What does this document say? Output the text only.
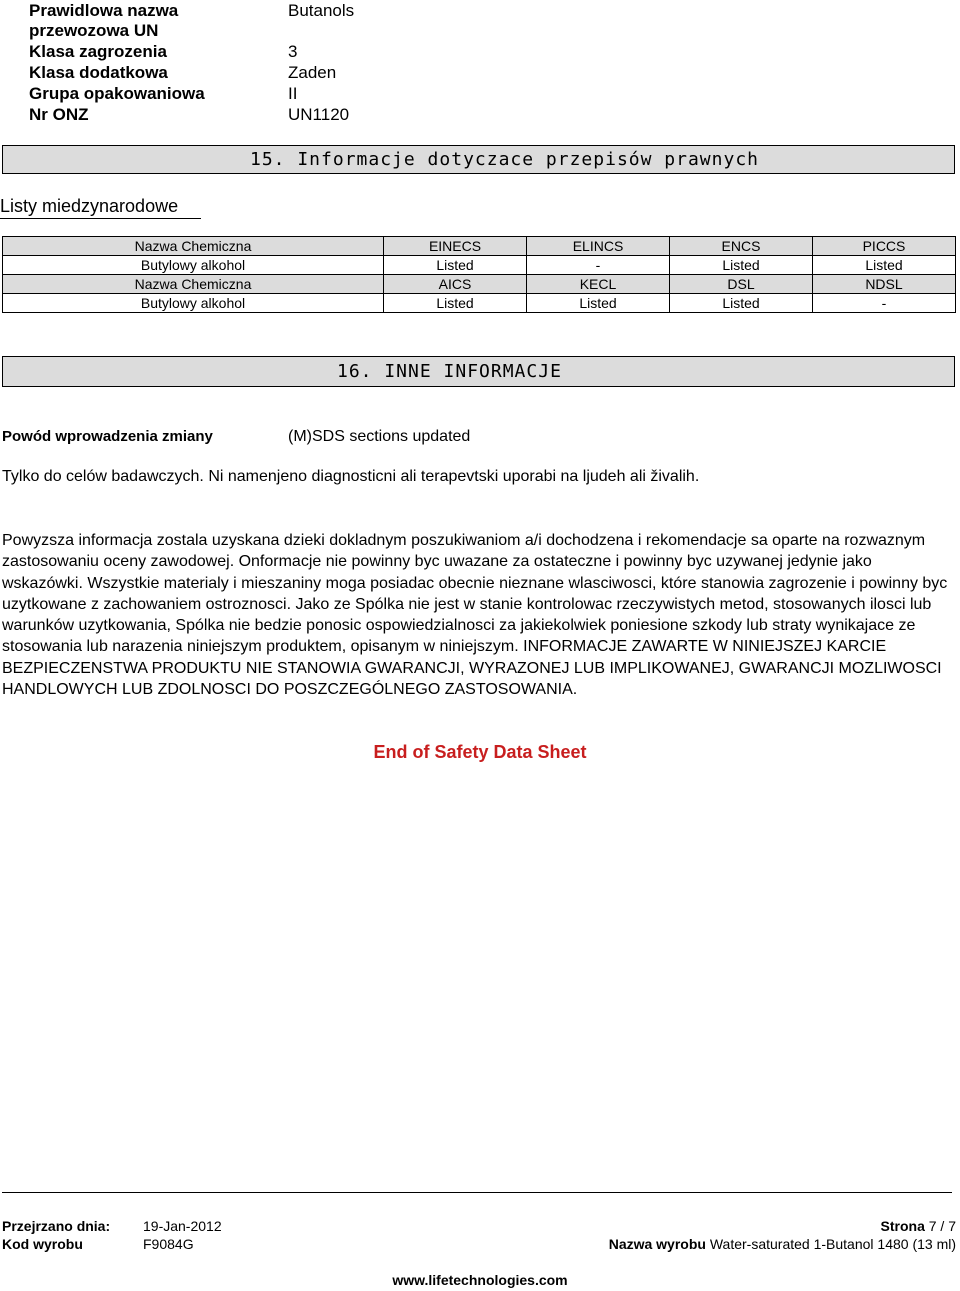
Prawidlowa nazwa	Butanols
przewozowa UN
Klasa zagrozenia	3
Klasa dodatkowa	Zaden
Grupa opakowaniowa	II
Nr ONZ	UN1120
15. Informacje dotyczace przepisów prawnych
Listy miedzynarodowe
Nazwa Chemiczna	EINECS	ELINCS	ENCS	PICCS
Butylowy alkohol	Listed	-	Listed	Listed
Nazwa Chemiczna	AICS	KECL	DSL	NDSL
Butylowy alkohol	Listed	Listed	Listed	-
16. INNE INFORMACJE
Powód wprowadzenia zmiany	(M)SDS sections updated
Tylko do celów badawczych. Ni namenjeno diagnosticni ali terapevtski uporabi na ljudeh ali živalih.

Powyzsza informacja zostala uzyskana dzieki dokladnym poszukiwaniom a/i dochodzena i rekomendacje sa oparte na rozwaznym zastosowaniu oceny zawodowej. Onformacje nie powinny byc uwazane za ostateczne i powinny byc uzywanej jedynie jako wskazówki. Wszystkie materialy i mieszaniny moga posiadac obecnie nieznane wlasciwosci, które stanowia zagrozenie i powinny byc uzytkowane z zachowaniem ostroznosci. Jako ze Spólka nie jest w stanie kontrolowac rzeczywistych metod, stosowanych ilosci lub warunków uzytkowania, Spólka nie bedzie ponosic ospowiedzialnosci za jakiekolwiek poniesione szkody lub straty wynikajace ze stosowania lub narazenia niniejszym produktem, opisanym w niniejszym. INFORMACJE ZAWARTE W NINIEJSZEJ KARCIE BEZPIECZENSTWA PRODUKTU NIE STANOWIA GWARANCJI, WYRAZONEJ LUB IMPLIKOWANEJ, GWARANCJI MOZLIWOSCI HANDLOWYCH LUB ZDOLNOSCI DO POSZCZEGÓLNEGO ZASTOSOWANIA.

End of Safety Data Sheet
Przejrzano dnia: 19-Jan-2012
Kod wyrobu	F9084G
Strona 7 / 7
Nazwa wyrobu Water-saturated 1-Butanol 1480 (13 ml)
www.lifetechnologies.com
